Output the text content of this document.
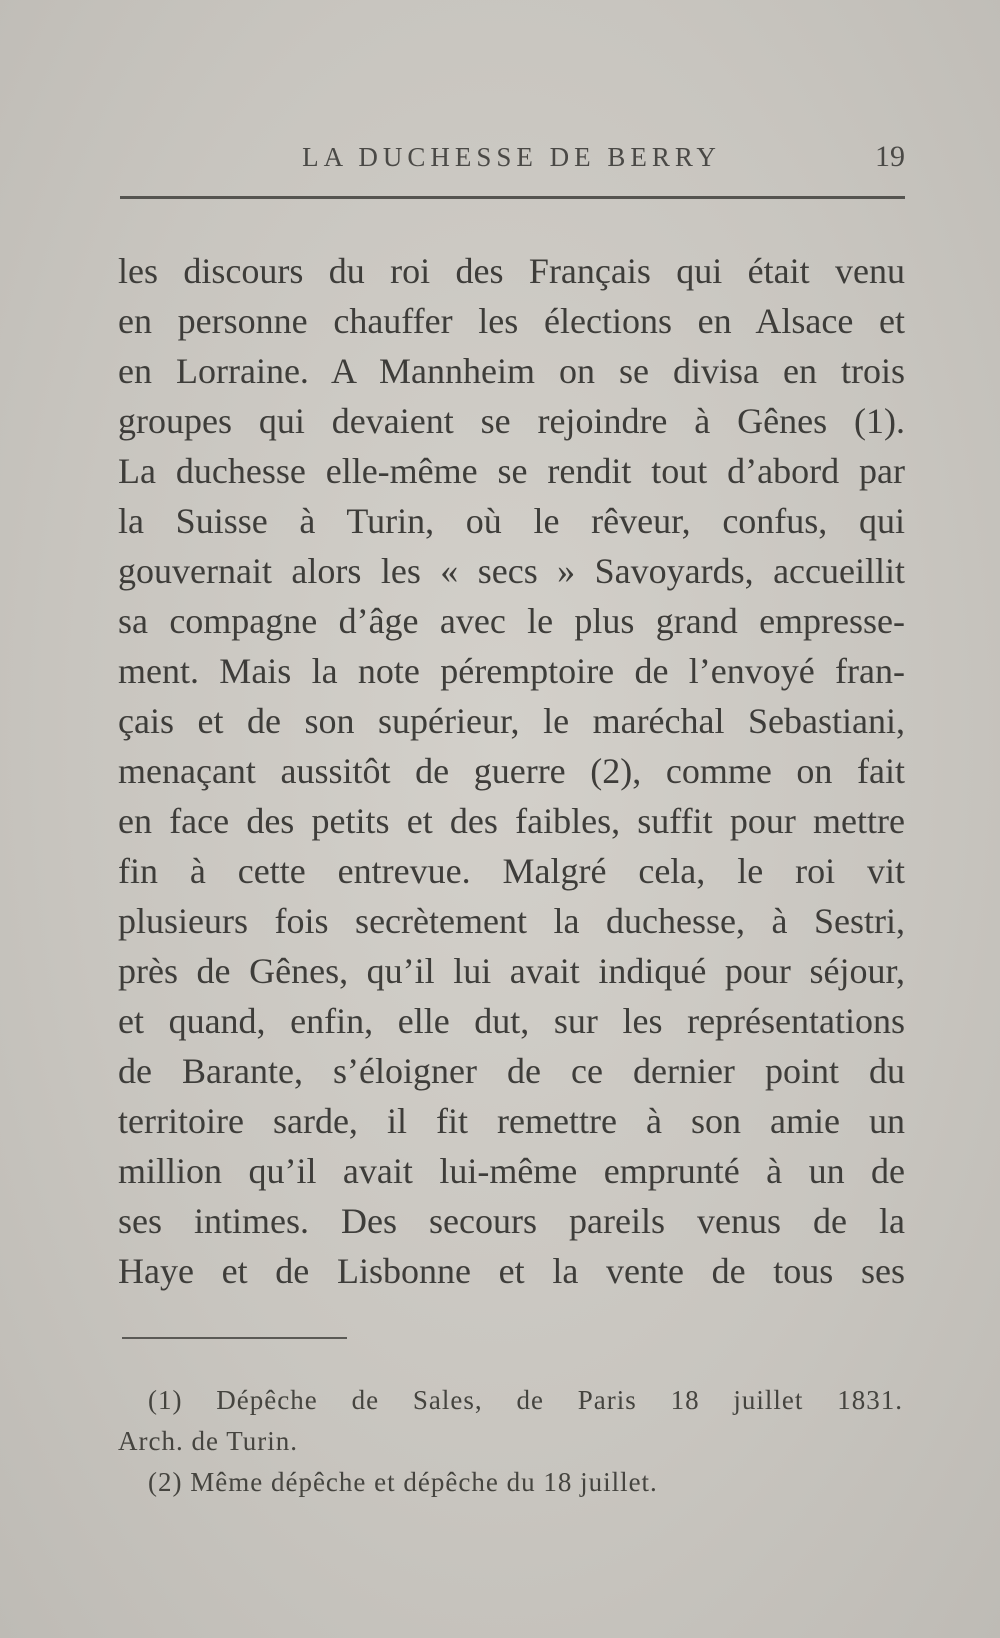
LA DUCHESSE DE BERRY	19
les discours du roi des Français qui était venu
en personne chauffer les élections en Alsace et
en Lorraine. A Mannheim on se divisa en trois
groupes qui devaient se rejoindre à Gênes (1).
La duchesse elle-même se rendit tout d’abord par
la Suisse à Turin, où le rêveur, confus, qui
gouvernait alors les « secs » Savoyards, accueillit
sa compagne d’âge avec le plus grand empresse-
ment. Mais la note péremptoire de l’envoyé fran-
çais et de son supérieur, le maréchal Sebastiani,
menaçant aussitôt de guerre (2), comme on fait
en face des petits et des faibles, suffit pour mettre
fin à cette entrevue. Malgré cela, le roi vit
plusieurs fois secrètement la duchesse, à Sestri,
près de Gênes, qu’il lui avait indiqué pour séjour,
et quand, enfin, elle dut, sur les représentations
de Barante, s’éloigner de ce dernier point du
territoire sarde, il fit remettre à son amie un
million qu’il avait lui-même emprunté à un de
ses intimes. Des secours pareils venus de la
Haye et de Lisbonne et la vente de tous ses
(1) Dépêche de Sales, de Paris 18 juillet 1831.
Arch. de Turin.
(2) Même dépêche et dépêche du 18 juillet.
